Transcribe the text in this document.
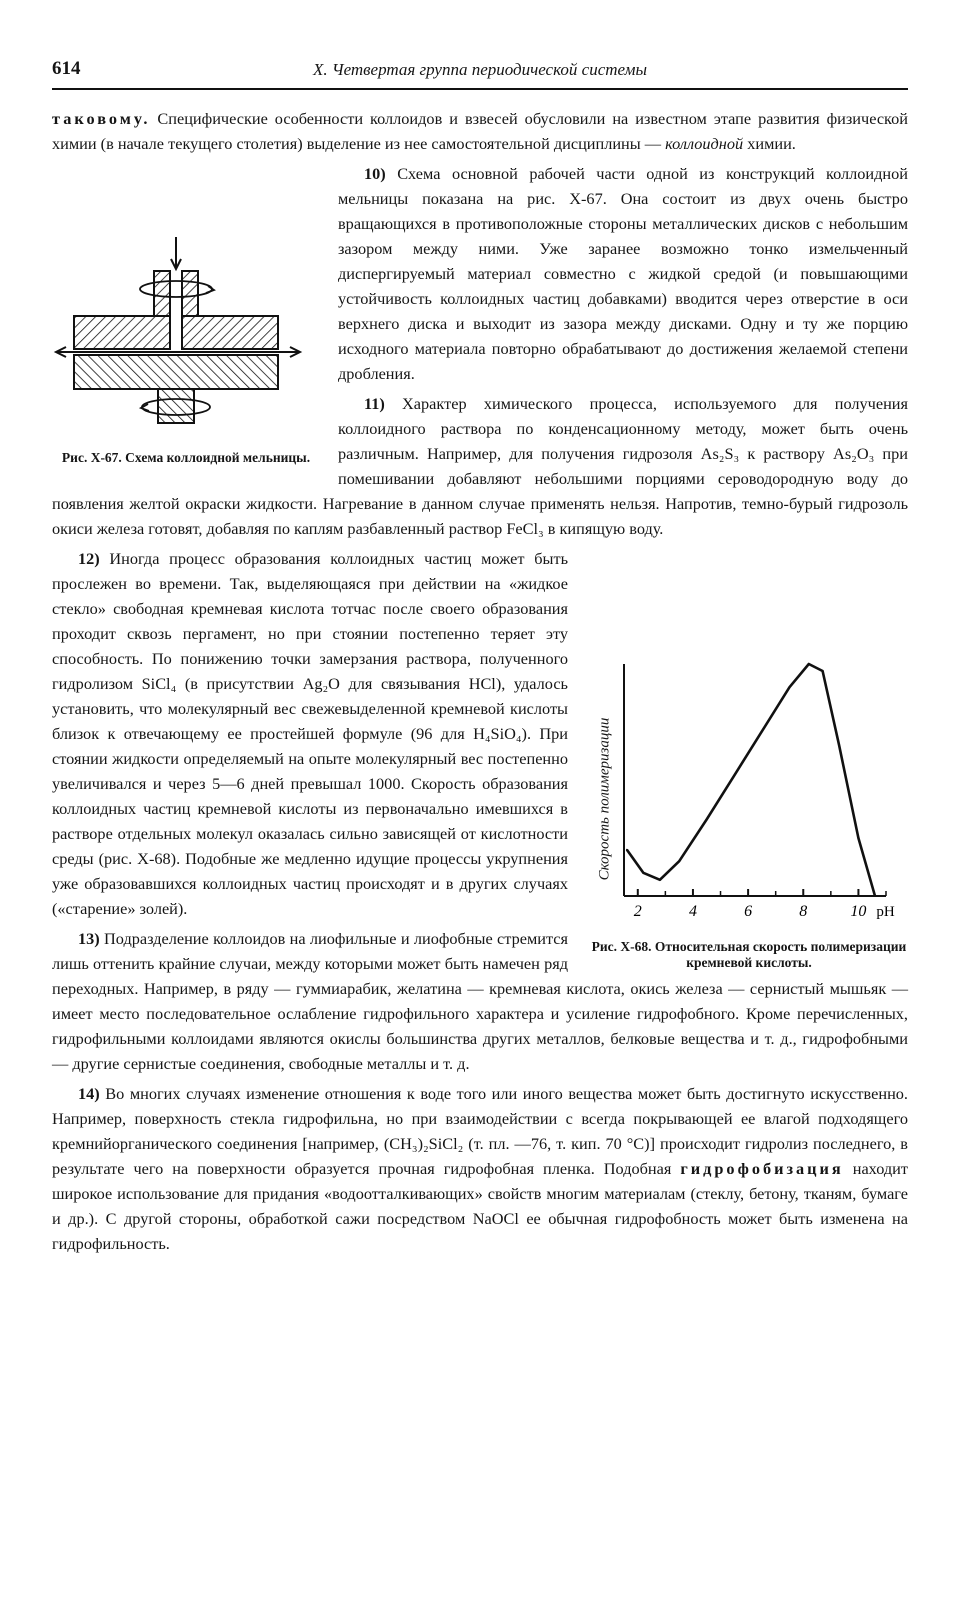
614	X. Четвертая группа периодической системы

таковому. Специфические особенности коллоидов и взвесей обусловили на известном этапе развития физической химии (в начале текущего столетия) выделение из нее самостоятельной дисциплины — коллоидной химии.

Рис. X-67. Схема коллоидной мельницы.

10) Схема основной рабочей части одной из конструкций коллоидной мельницы показана на рис. X-67. Она состоит из двух очень быстро вращающихся в противоположные стороны металлических дисков с небольшим зазором между ними. Уже заранее возможно тонко измельченный диспергируемый материал совместно с жидкой средой (и повышающими устойчивость коллоидных частиц добавками) вводится через отверстие в оси верхнего диска и выходит из зазора между дисками. Одну и ту же порцию исходного материала повторно обрабатывают до достижения желаемой степени дробления.

11) Характер химического процесса, используемого для получения коллоидного раствора по конденсационному методу, может быть очень различным. Например, для получения гидрозоля As₂S₃ к раствору As₂O₃ при помешивании добавляют небольшими порциями сероводородную воду до появления желтой окраски жидкости. Нагревание в данном случае применять нельзя. Напротив, темно-бурый гидрозоль окиси железа готовят, добавляя по каплям разбавленный раствор FeCl₃ в кипящую воду.

2	4	6	8	10 pH
Скорость полимеризации
Рис. X-68. Относительная скорость полимеризации кремневой кислоты.

12) Иногда процесс образования коллоидных частиц может быть прослежен во времени. Так, выделяющаяся при действии на «жидкое стекло» свободная кремневая кислота тотчас после своего образования проходит сквозь пергамент, но при стоянии постепенно теряет эту способность. По понижению точки замерзания раствора, полученного гидролизом SiCl₄ (в присутствии Ag₂O для связывания HCl), удалось установить, что молекулярный вес свежевыделенной кремневой кислоты близок к отвечающему ее простейшей формуле (96 для H₄SiO₄). При стоянии жидкости определяемый на опыте молекулярный вес постепенно увеличивался и через 5—6 дней превышал 1000. Скорость образования коллоидных частиц кремневой кислоты из первоначально имевшихся в растворе отдельных молекул оказалась сильно зависящей от кислотности среды (рис. X-68). Подобные же медленно идущие процессы укрупнения уже образовавшихся коллоидных частиц происходят и в других случаях («старение» золей).

13) Подразделение коллоидов на лиофильные и лиофобные стремится лишь оттенить крайние случаи, между которыми может быть намечен ряд переходных. Например, в ряду — гуммиарабик, желатина — кремневая кислота, окись железа — сернистый мышьяк — имеет место последовательное ослабление гидрофильного характера и усиление гидрофобного. Кроме перечисленных, гидрофильными коллоидами являются окислы большинства других металлов, белковые вещества и т. д., гидрофобными — другие сернистые соединения, свободные металлы и т. д.

14) Во многих случаях изменение отношения к воде того или иного вещества может быть достигнуто искусственно. Например, поверхность стекла гидрофильна, но при взаимодействии с всегда покрывающей ее влагой подходящего кремнийорганического соединения [например, (CH₃)₂SiCl₂ (т. пл. —76, т. кип. 70 °C)] происходит гидролиз последнего, в результате чего на поверхности образуется прочная гидрофобная пленка. Подобная гидрофобизация находит широкое использование для придания «водоотталкивающих» свойств многим материалам (стеклу, бетону, тканям, бумаге и др.). С другой стороны, обработкой сажи посредством NaOCl ее обычная гидрофобность может быть изменена на гидрофильность.
